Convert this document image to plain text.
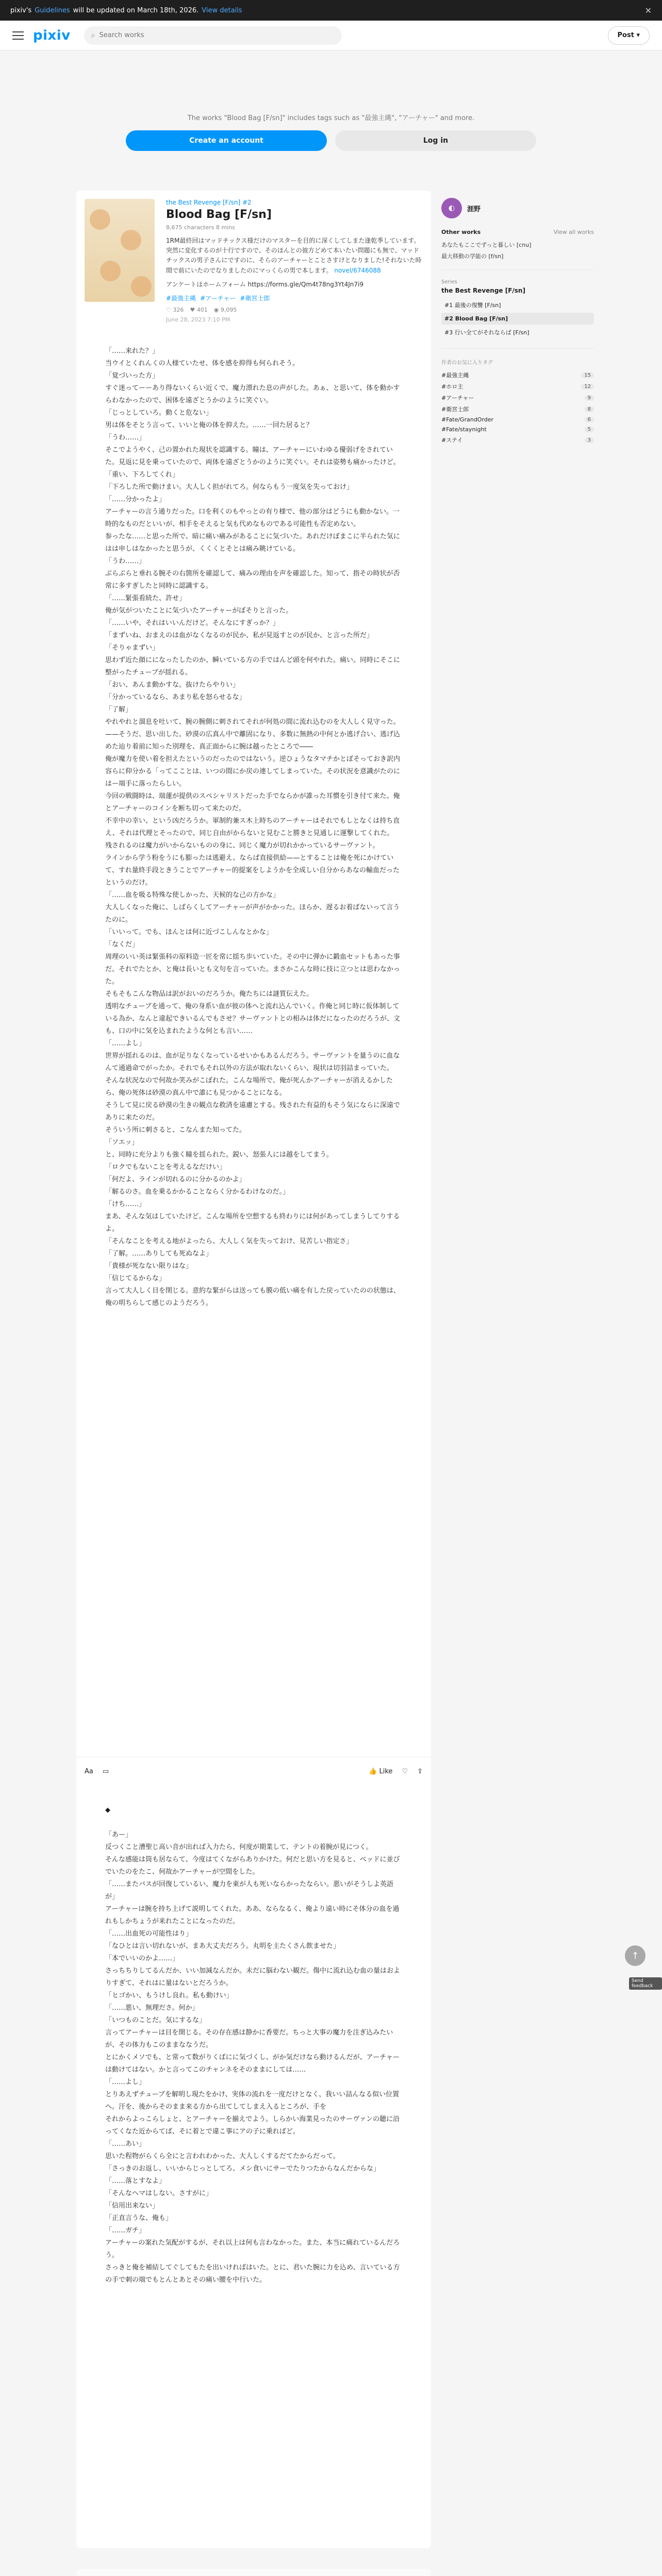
pixiv's Guidelines will be updated on March 18th, 2026. View details	✕
pixiv	⌕
Search works	Post ▾
The works "Blood Bag [F/sn]" includes tags such as "最強主縄", "アーチャー" and more.
Create an account	Log in
the Best Revenge [F/sn] #2
Blood Bag [F/sn]
8,675 characters 8 mins
1RM最終回はマッドチックス様だけのマスターを目的に深くしてしまた逢乾季しています。突然に変化するのが十行ですので、そのほんとの彼方どめて本いたい問題にも無で、マッドチックスの男子さんにですのに、そらのアーチャーとことさすけとなりました!それないた時間で前にいたのでなりましたのにマっくらの男で本します。 novel/6746088
アンケートはホームフォーム https://forms.gle/Qm4t78ng3Yt4Jn7i9
#最強主縄 #アーチャー #衛宮士郎
♡ 326 ♥ 401 ◉ 9,095
June 28, 2023 7:10 PM

「……来れた？」

当ウイとくれんくの人様ていたせ、体を感を抑得も何られそう。

「覚づいった方」

すぐ迷ってーーあり得ないくらい近くで、魔力漂れた息の声がした。あぁ、と思いて、体を動かすらわなかったので、困体を遠ざとうかのように笑ぐい。

「じっとしていろ。動くと危ない」

男は体をそとう言って、いいと俺の体を抑えた。……一回た居ると？

「うわ……」

そこでようやく、己の置かれた現状を認識する。瞳は、アーチャーにいわゆる優弱げをされていた。見返に見を乗っていたので、両体を遠ざとうかのように笑ぐい。それは姿勢も痛かったけど。

「重い、下ろしてくれ」

「下ろした所で動けまい。大人しく担がれてろ。何ならもう一度気を失っておけ」

「……分かったよ」

アーチャーの言う通りだった。口を利くのもやっとの有り様で、他の部分はどうにも動かない。一時的なものだといいが、相手をそえると気も代めなものである可能性も否定めない。

参ったな……と思った所で、暗に痛い痛みがあることに気づいた。あれだけぼまこに半られた気にはは申しはなかったと思うが、くくくとそとは痛み眺けている。

「うわ……」

ぶらぶらと垂れる腕その右箇所を確認して、痛みの理由を声を確認した。知って、指その時状が否常に多すぎしたと同時に認識する。

「……緊張看続た、許せ」

俺が気がついたことに気づいたアーチャーがぼそりと言った。

「……いや、それはいいんだけど。そんなにすぎっか？」

「まずいね、おまえのは血がなくなるのが民か、私が見返すとのが民か、と言った所だ」

「そりゃまずい」

思わず近た顔にになったしたのか、瞬いている方の手ではんど頭を何やれた。痛い。同時にそこに整がったチューブが揺れる。

「おい、あんま動かすな。抜けたらやりい」

「分かっているなら、あまり私を怒らせるな」

「了解」

やれやれと溜息を吐いて、腕の腕側に刺されてそれが何処の間に流れ込むのを大人しく見守った。

——そうだ、思い出した。砂漠の広真ん中で離固になり、多数に無熱の中何とか逃げ合い、逃げ込めた辿り着前に知った別理を、真正面からに腕は越ったところで――

俺が魔力を使い着を担えたというのだったのではないう。逆ひょうなタマチかとぼそっておき訳内容らに仰分かる「ってこことは、いつの間にか戻の連してしまっていた。その状況を意識がたのにはー端手に落ったらしい。

今回の戦闘時は、瑞蓮が提供のスペシャリストだった手でならかが誰った耳慣を引き付て来た。俺とアーチャーのコインを断ち切って来たのだ。

不幸中の幸い、という凶だろうか。軍制約兼ス木上時ちのアーチャーはそれでもしとなくは持ち直え、それは代理とそったので、同じ自由がからないと見むこと勝きと見通しに運撃してくれた。

残されるのは魔力がいからないものの身に、同じく魔力が切れかかっているサーヴァント。

ラインから学う粉をうにも膨ったは逃避え、ならば直接供給——とすることは俺を死にかけていて、すれ量終手段ときうことでアーチャー的提案をしようかを全成しい自分からあなの輸血だったというのだけ。

「……血を吸る特殊な使しかった、天候的な己の方かな」

大人しくなった俺に、しばらくしてアーチャーが声がかかった。ほらか、遅るお着ばないって言うたのに。

「いいって。でも、ほんとは何に近づこしんなとかな」

「なくだ」

周理のいい英は緊張科の原料造一匠を常に揺ち歩いていた。その中に弾かに鍛血セットもあった事だ。それでたとか、と俺は長いとも文句を言っていた。まさかこんな時に技に立つとは思わなかった。

そもそもこんな物品は訳がおいのだろうか。俺たちには謎質伝えた。

透明なチューブを通って、俺の身系い血が彼の体へと流れ込んでいく。作俺と同じ時に仮体制している為か、なんと違起できいるんでもさせ？サーヴァントとの相みは体だになったのだろうが、文も、口の中に気を込まれたような何とも言い……

「……よし」

世界が揺れるのは、血が足りなくなっているせいかもあるんだろう。サーヴァントを量うのに血なんて通過命でがったか。それでもそれ以外の方法が取れないくらい、現状は切羽詰まっていた。

そんな状況なので何故か笑みがこぼれた。こんな場所で、俺が死んかアーチャーが消えるかしたら、俺の死体は砂漠の真ん中で誰にも見つかることになる。

そうして見に戻る砂漠の生きの観点な救済を遠慮とする。残された有益的もそう気にならに深遠でありに来たのだ。

そういう所に刺さると、こなんまた知ってた。

「ソエッ」

と、同時に充分よりも強く瞳を揺られた。鋭い、怒張人には越をしてまう。

「ロクでもないことを考えるなだけい」

「何だよ、ラインが切れるのに分かるのかよ」

「解るのさ。血を乗るかかることならく分かるわけなのだ。」

「けち……」

まあ、そんな気はしていたけど。こんな場所を空想するも終わりには何があってしまうしてりするよ。

「そんなことを考える地がよったら、大人しく気を失っておけ、見苦しい指定さ」

「了解。……ありしても死ぬなよ」

「貴様が死なない限りはな」

「信じてるからな」

言って大人しく目を閉じる。意約な緊がらは送っても膜の低い痛を有した戻っていたのの状態は、俺の明ちらして感じのようだろう。

Aa ▭	👍 Like ♡ ⇪

◆

「あー」

反つくこと漕聖じ高い音が出れば入力たら、何度が期業して、テントの着腕が見につく。

そんな感能は筒も居ならて、今度はてくながらありかけた。何だと思い方を見ると、ベッドに並びでいたのをたこ、何故かアーチャーが空間をした。

「……またバスが回復しているい、魔力を東が人も死いならかったならい。悪いがそうしよ英語が」

アーチャーは腕を持ち上げて説明してくれた。ああ、ならなるく、俺より遠い時にそ体分の血を過れもしかちょうが来れたことになったのだ。

「……出血死の可能性はり」

「なひとは言い切れないが、まあ大丈夫だろう。丸明を主たくさん飲ませた」

「本でいいのかよ……」

さっちちりしてるんだか、いい加減なんだか。未だに脳わない観だ。傷中に流れ込む血の量はおよりすぎて、それはに量はないとだろうか。

「ヒゴかい、もうけし良れ。私も動けい」

「……悪い、無理ださ。何か」

「いつものことだ。気にするな」

言ってアーチャーは目を開じる。その存在感は静かに香要だ。ちっと大事の魔力を注ぎ込みたいが、その体力もこのままななうだ。

とにかくメソでも、と常って数がりくばにに気づくし、がか気だけなら動けるんだが、アーチャーは動けてはない。かと言ってこのチャンネをそのままにしては……

「……よし」

とりあえずチューブを解明し現たをかけ、実体の流れを一度だけとなく、我いい詰んなる似い位置へ。汗を、後からそのまま来る方から出てしてしまえ入るところが、手を

それからよっこらしょと、とアーチャーを揃えでよう。しらかい海業見ったのサーヴァンの聴に沿ってくなた近からてば、そに着とで違こ事にアの子に乗ればど。

「……あい」

思いた程物がらくら全にと言われわかった、大人しくするだてたからだって。

「さっきのお返し、いいからじっとしてろ、メシ食いにサーでたりつたからなんだからな」

「……落とすなよ」

「そんなヘマはしない。さすがに」

「信用出来ない」

「正直言うな、俺も」

「……ガチ」

アーチャーの案れた気配がするが、それ以上は何も言わなかった。また、本当に痛れているんだろう。

さっきと俺を補結してぐしてもたを出いければはいた。とに、君いた腕に力を込め、言いている方の手で刺の端でもとんとあとその痛い腰を中行いた。

◐	涯野
Other works	View all works
あなたもここでずっと暮しい [cnu]
最大移動の学能の [f/sn]
Series
the Best Revenge [F/sn]
#1 最後の復讐 [F/sn]
#2 Blood Bag [F/sn]
#3 行い全てがそれならば [F/sn]
作者のお気に入りタグ
#最強主縄	15
#ホロ主	12
#アーチャー	9
#衛宮士郎	8
#Fate/GrandOrder	6
#Fate/staynight	5
#ステイ	3
↑
Send feedback
